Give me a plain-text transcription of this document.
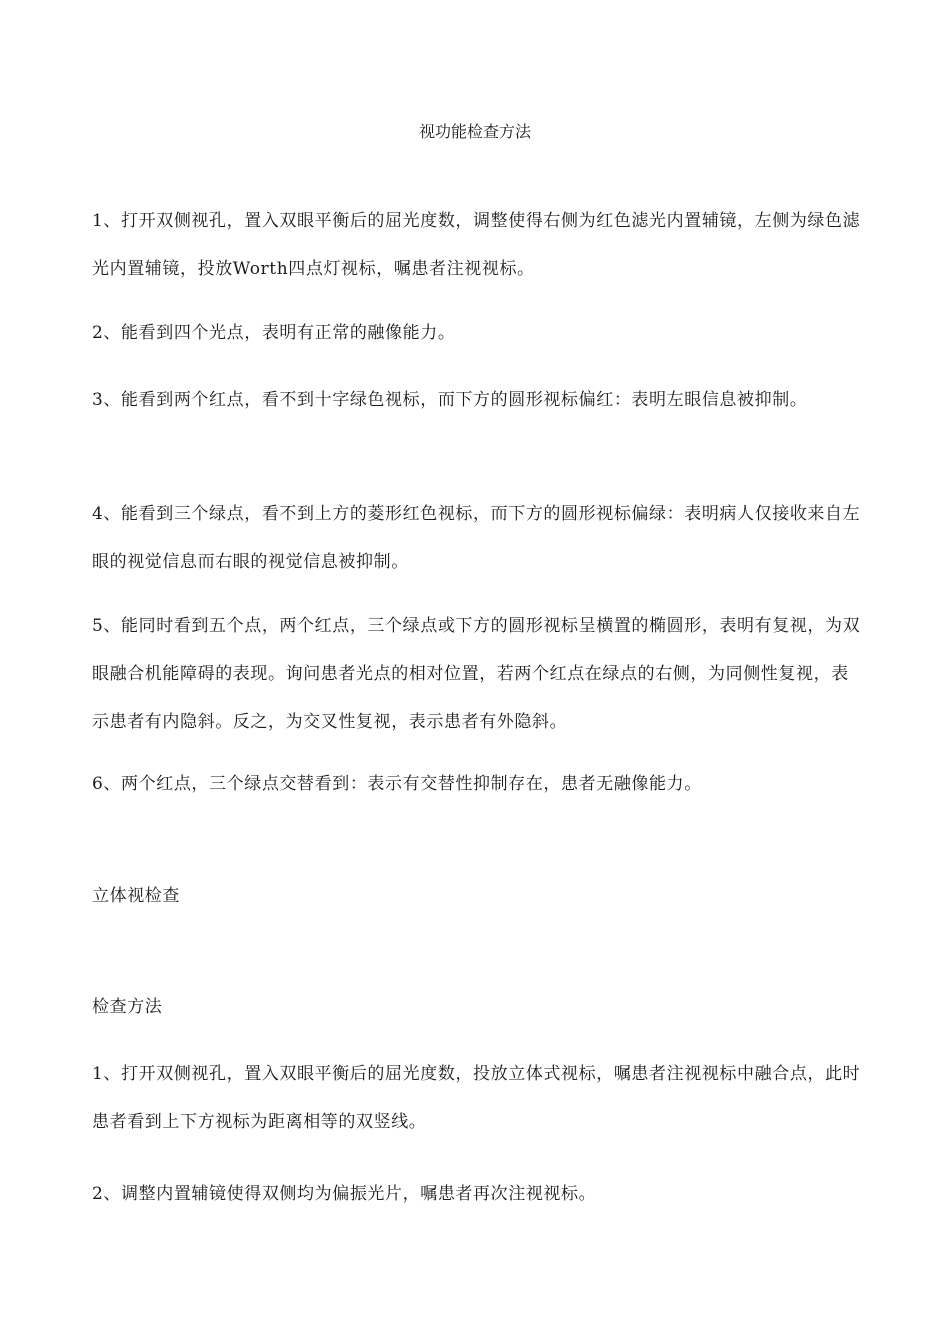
视功能检查方法
1、打开双侧视孔，置入双眼平衡后的屈光度数，调整使得右侧为红色滤光内置辅镜，左侧为绿色滤光内置辅镜，投放Worth四点灯视标，嘱患者注视视标。
2、能看到四个光点，表明有正常的融像能力。
3、能看到两个红点，看不到十字绿色视标，而下方的圆形视标偏红：表明左眼信息被抑制。
4、能看到三个绿点，看不到上方的菱形红色视标，而下方的圆形视标偏绿：表明病人仅接收来自左眼的视觉信息而右眼的视觉信息被抑制。
5、能同时看到五个点，两个红点，三个绿点或下方的圆形视标呈横置的椭圆形，表明有复视，为双眼融合机能障碍的表现。询问患者光点的相对位置，若两个红点在绿点的右侧，为同侧性复视，表示患者有内隐斜。反之，为交叉性复视，表示患者有外隐斜。
6、两个红点，三个绿点交替看到：表示有交替性抑制存在，患者无融像能力。
立体视检查
检查方法
1、打开双侧视孔，置入双眼平衡后的屈光度数，投放立体式视标，嘱患者注视视标中融合点，此时患者看到上下方视标为距离相等的双竖线。
2、调整内置辅镜使得双侧均为偏振光片，嘱患者再次注视视标。
